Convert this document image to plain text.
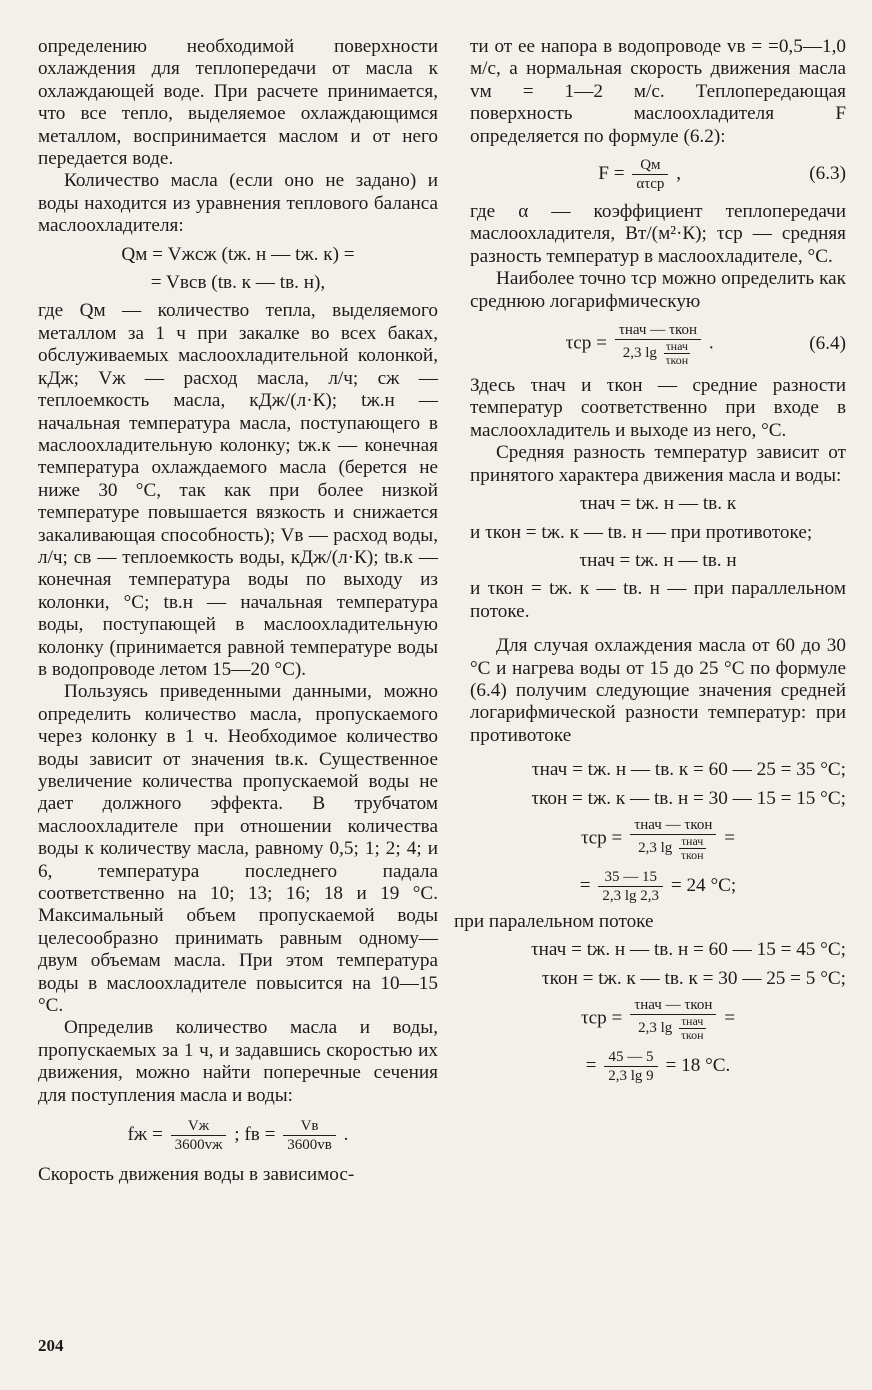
определению необходимой поверхности охлаждения для теплопередачи от масла к охлаждающей воде. При расчете принимается, что все тепло, выделяемое охлаждающимся металлом, воспринимается маслом и от него передается воде.

Количество масла (если оно не задано) и воды находится из уравнения теплового баланса маслоохладителя:

Qм = Vжcж (tж. н — tж. к) =
= Vвcв (tв. к — tв. н),

где Qм — количество тепла, выделяемого металлом за 1 ч при закалке во всех баках, обслуживаемых маслоохладительной колонкой, кДж; Vж — расход масла, л/ч; cж — теплоемкость масла, кДж/(л·К); tж.н — начальная температура масла, поступающего в маслоохладительную колонку; tж.к — конечная температура охлаждаемого масла (берется не ниже 30 °C, так как при более низкой температуре повышается вязкость и снижается закаливающая способность); Vв — расход воды, л/ч; cв — теплоемкость воды, кДж/(л·К); tв.к — конечная температура воды по выходу из колонки, °C; tв.н — начальная температура воды, поступающей в маслоохладительную колонку (принимается равной температуре воды в водопроводе летом 15—20 °C).

Пользуясь приведенными данными, можно определить количество масла, пропускаемого через колонку в 1 ч. Необходимое количество воды зависит от значения tв.к. Существенное увеличение количества пропускаемой воды не дает должного эффекта. В трубчатом маслоохладителе при отношении количества воды к количеству масла, равному 0,5; 1; 2; 4; и 6, температура последнего падала соответственно на 10; 13; 16; 18 и 19 °C. Максимальный объем пропускаемой воды целесообразно принимать равным одному—двум объемам масла. При этом температура воды в маслоохладителе повысится на 10—15 °C.

Определив количество масла и воды, пропускаемых за 1 ч, и задавшись скоростью их движения, можно найти поперечные сечения для поступления масла и воды:

fж = $\frac{Vж}{3600vж}$ ; fв = $\frac{Vв}{3600vв}$ .

Скорость движения воды в зависимос-

ти от ее напора в водопроводе vв = =0,5—1,0 м/с, а нормальная скорость движения масла vм = 1—2 м/с. Теплопередающая поверхность маслоохладителя F определяется по формуле (6.2):

$F = \frac{Qм}{\text{ατср}}$ ,	(6.3)

где α — коэффициент теплопередачи маслоохладителя, Вт/(м²·К); τср — средняя разность температур в маслоохладителе, °C.

Наиболее точно τср можно определить как среднюю логарифмическую

$\tau ср = \frac{\text{τнач — τкон}}{2,3 \lg \frac{\text{τнач}}{\text{τкон}}}$ .	(6.4)

Здесь τнач и τкон — средние разности температур соответственно при входе в маслоохладитель и выходе из него, °C.

Средняя разность температур зависит от принятого характера движения масла и воды:

τнач = tж. н — tв. к

и τкон = tж. к — tв. н — при противотоке;

τнач = tж. н — tв. н

и τкон = tж. к — tв. н — при параллельном потоке.

Для случая охлаждения масла от 60 до 30 °C и нагрева воды от 15 до 25 °C по формуле (6.4) получим следующие значения средней логарифмической разности температур: при противотоке

τнач = tж. н — tв. к = 60 — 25 = 35 °C;
τкон = tж. к — tв. н = 30 — 15 = 15 °C;
$\tau ср = \frac{\text{τнач — τкон}}{2,3 \lg \frac{\text{τнач}}{\text{τкон}}}$ =
= $\frac{35 — 15}{2,3 \lg 2,3} = 24$ °C;

при паралельном потоке

τнач = tж. н — tв. н = 60 — 15 = 45 °C;
τкон = tж. к — tв. к = 30 — 25 = 5 °C;
$\tau ср = \frac{\text{τнач — τкон}}{2,3 \lg \frac{\text{τнач}}{\text{τкон}}}$ =
= $\frac{45 — 5}{2,3 \lg 9} = 18$ °C.
204
